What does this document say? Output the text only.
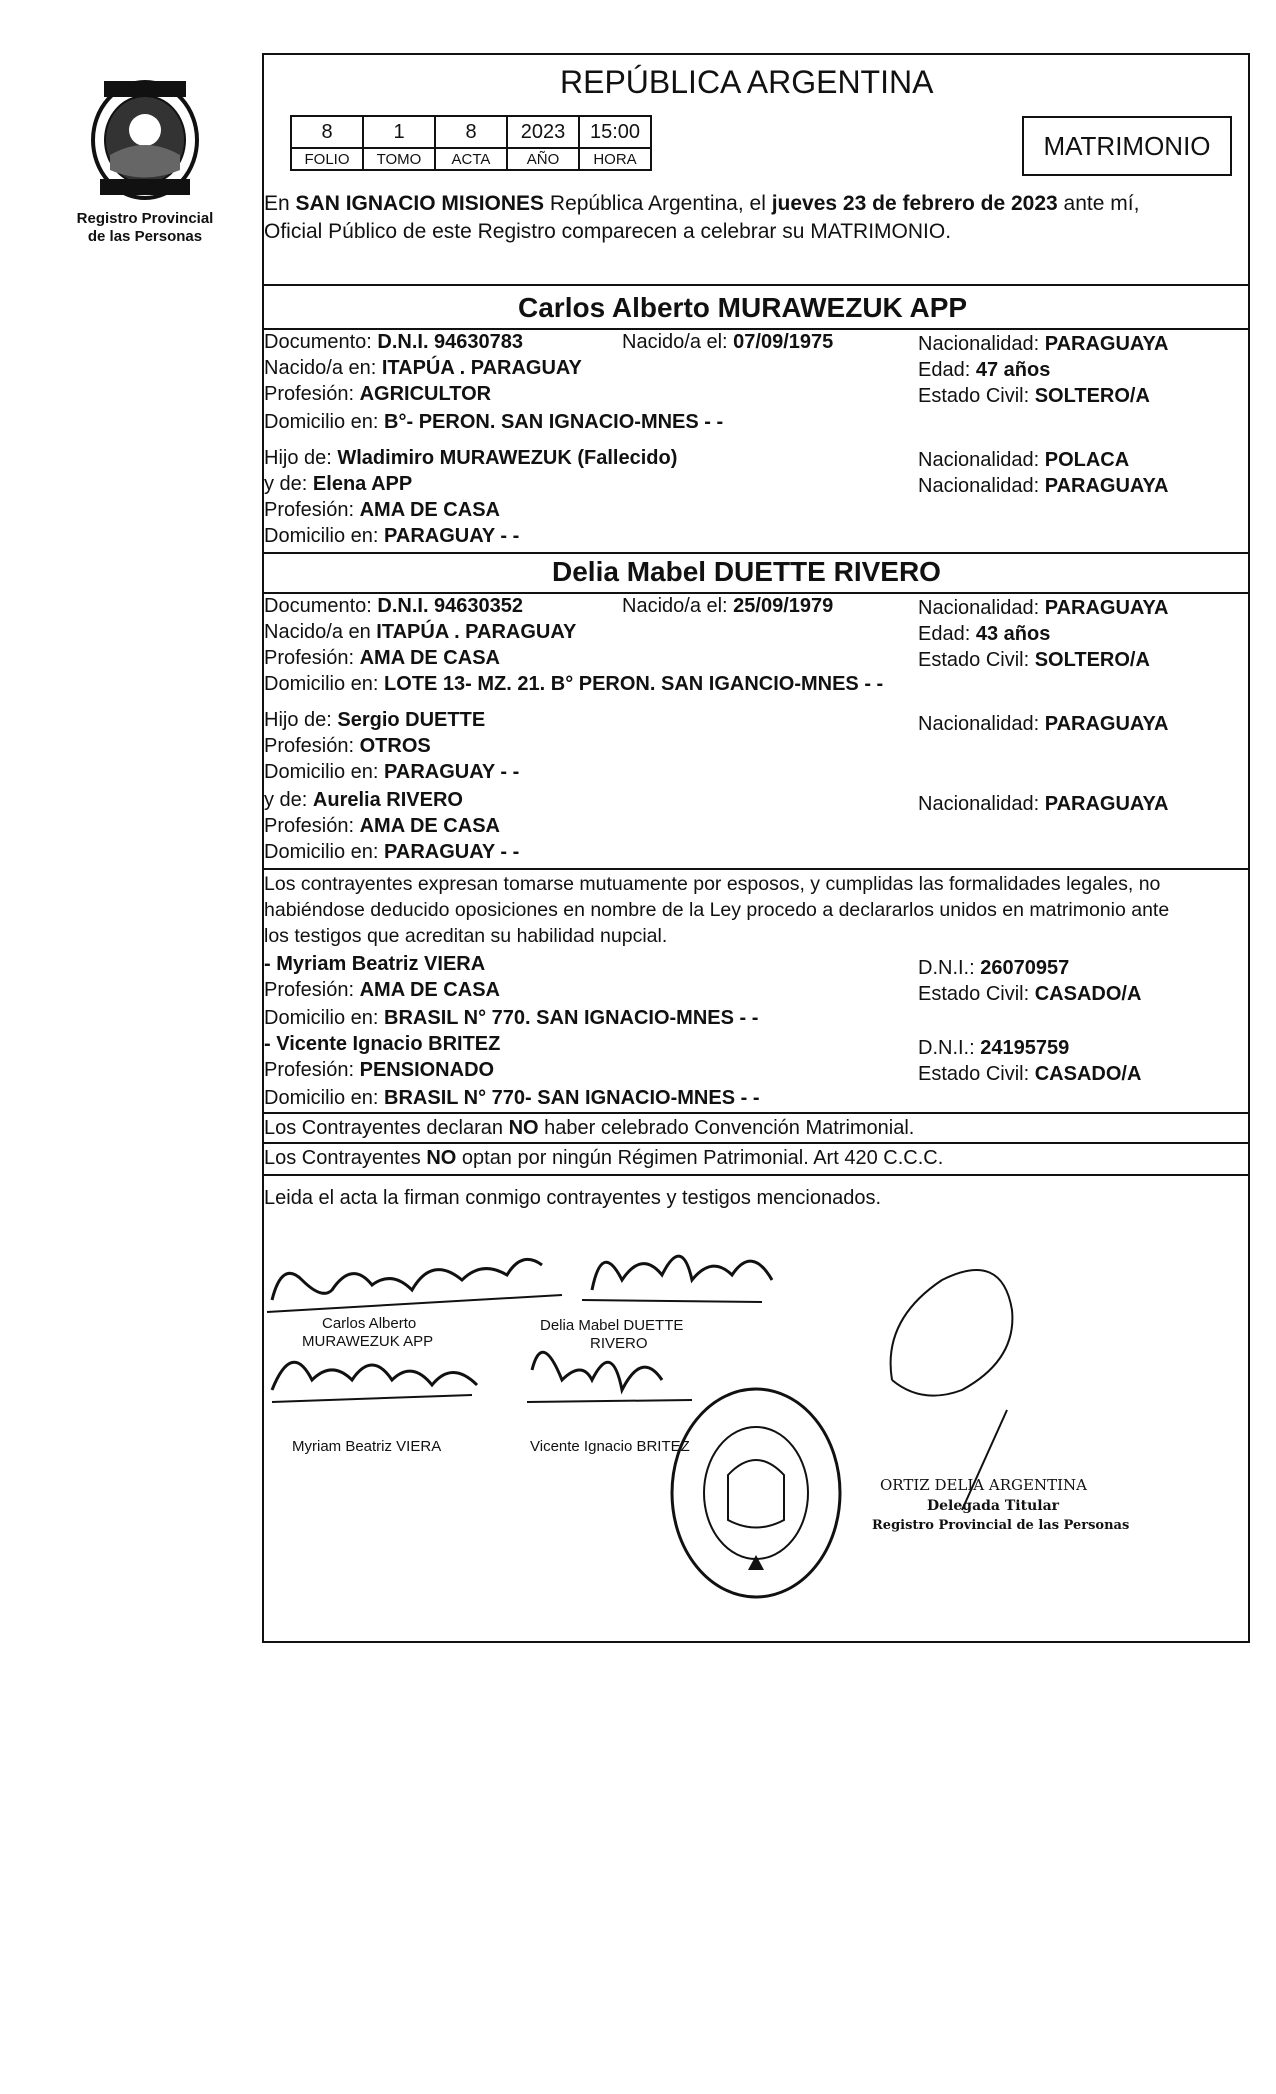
Registro Provincial
de las Personas
REPÚBLICA ARGENTINA
8	1	8	2023	15:00
FOLIO	TOMO	ACTA	AÑO	HORA	MATRIMONIO
En SAN IGNACIO MISIONES República Argentina, el jueves 23 de febrero de 2023 ante mí,
Oficial Público de este Registro comparecen a celebrar su MATRIMONIO.
Carlos Alberto MURAWEZUK APP
Documento: D.N.I. 94630783	Nacido/a el: 07/09/1975	Nacionalidad: PARAGUAYA
Nacido/a en: ITAPÚA . PARAGUAY	Edad: 47 años
Profesión: AGRICULTOR	Estado Civil: SOLTERO/A
Domicilio en: B°- PERON. SAN IGNACIO-MNES - -
Hijo de: Wladimiro MURAWEZUK (Fallecido)	Nacionalidad: POLACA
y de: Elena APP	Nacionalidad: PARAGUAYA
Profesión: AMA DE CASA
Domicilio en: PARAGUAY - -
Delia Mabel DUETTE RIVERO
Documento: D.N.I. 94630352	Nacido/a el: 25/09/1979	Nacionalidad: PARAGUAYA
Nacido/a en ITAPÚA . PARAGUAY	Edad: 43 años
Profesión: AMA DE CASA	Estado Civil: SOLTERO/A
Domicilio en: LOTE 13- MZ. 21. B° PERON. SAN IGANCIO-MNES - -
Hijo de: Sergio DUETTE	Nacionalidad: PARAGUAYA
Profesión: OTROS
Domicilio en: PARAGUAY - -
y de: Aurelia RIVERO	Nacionalidad: PARAGUAYA
Profesión: AMA DE CASA
Domicilio en: PARAGUAY - -
Los contrayentes expresan tomarse mutuamente por esposos, y cumplidas las formalidades legales, no
habiéndose deducido oposiciones en nombre de la Ley procedo a declararlos unidos en matrimonio ante
los testigos que acreditan su habilidad nupcial.
- Myriam Beatriz VIERA	D.N.I.: 26070957
Profesión: AMA DE CASA	Estado Civil: CASADO/A
Domicilio en: BRASIL N° 770. SAN IGNACIO-MNES - -
- Vicente Ignacio BRITEZ	D.N.I.: 24195759
Profesión: PENSIONADO	Estado Civil: CASADO/A
Domicilio en: BRASIL N° 770- SAN IGNACIO-MNES - -
Los Contrayentes declaran NO haber celebrado Convención Matrimonial.
Los Contrayentes NO optan por ningún Régimen Patrimonial. Art 420 C.C.C.
Leida el acta la firman conmigo contrayentes y testigos mencionados.
Carlos Alberto
MURAWEZUK APP
Delia Mabel DUETTE
RIVERO
Myriam Beatriz VIERA	Vicente Ignacio BRITEZ
ORTIZ DELIA ARGENTINA
Delegada Titular
Registro Provincial de las Personas
